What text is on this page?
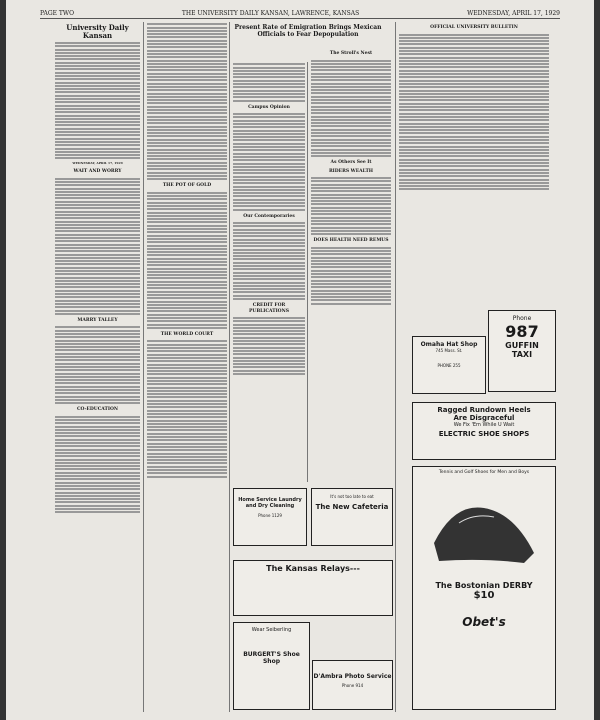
PAGE TWO	THE UNIVERSITY DAILY KANSAN, LAWRENCE, KANSAS	WEDNESDAY, APRIL 17, 1929
University Daily Kansan
WEDNESDAY, APRIL 17, 1929
WAIT AND WORRY
MARRY TALLEY
CO-EDUCATION
THE POT OF GOLD
THE WORLD COURT
Present Rate of Emigration Brings Mexican Officials to Fear Depopulation
Campus Opinion
Our Contemporaries
CREDIT FOR PUBLICATIONS
The Stroll's Nest
As Others See It
RIDERS WEALTH
DOES HEALTH NEED REMUS
OFFICIAL UNIVERSITY BULLETIN
Phone
987
GUFFIN
TAXI
Omaha Hat Shop
745 Mass. St.
PHONE 255
Ragged Rundown Heels
Are Disgraceful
We Fix 'Em While U Wait
ELECTRIC SHOE SHOPS
Home Service Laundry and Dry Cleaning
Phone 1129
It's not too late to eat
The New Cafeteria
The Kansas Relays---
Wear Seiberling
BURGERT'S Shoe Shop
D'Ambra Photo Service
Phone 914
Tennis and Golf Shoes for Men and Boys
The Bostonian DERBY
$10
Obet's
